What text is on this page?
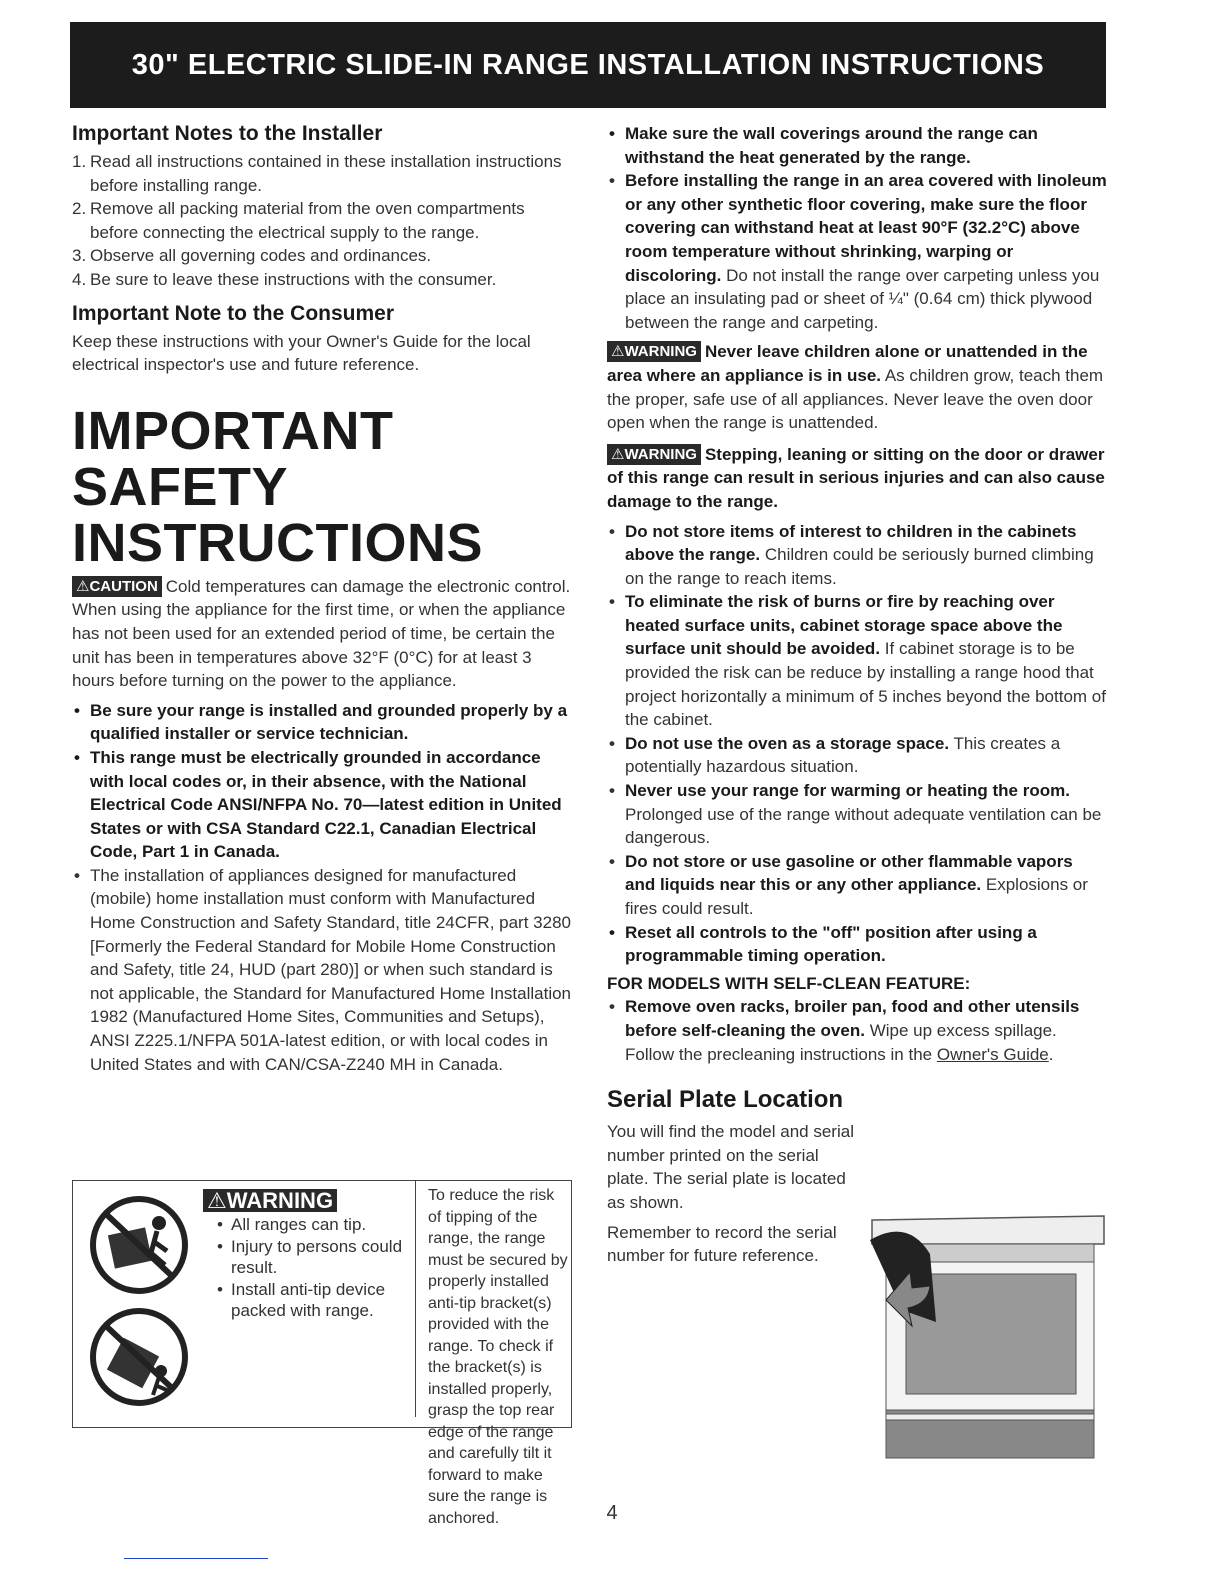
30" ELECTRIC SLIDE-IN RANGE INSTALLATION INSTRUCTIONS
Important Notes to the Installer
1. Read all instructions contained in these installation instructions before installing range.
2. Remove all packing material from the oven compartments before connecting the electrical supply to the range.
3. Observe all governing codes and ordinances.
4. Be sure to leave these instructions with the consumer.
Important Note to the Consumer

Keep these instructions with your Owner's Guide for the local electrical inspector's use and future reference.

IMPORTANT SAFETY
INSTRUCTIONS

⚠CAUTION Cold temperatures can damage the electronic control. When using the appliance for the first time, or when the appliance has not been used for an extended period of time, be certain the unit has been in temperatures above 32°F (0°C) for at least 3 hours before turning on the power to the appliance.

• Be sure your range is installed and grounded properly by a qualified installer or service technician.
• This range must be electrically grounded in accordance with local codes or, in their absence, with the National Electrical Code ANSI/NFPA No. 70—latest edition in United States or with CSA Standard C22.1, Canadian Electrical Code, Part 1 in Canada.
• The installation of appliances designed for manufactured (mobile) home installation must conform with Manufactured Home Construction and Safety Standard, title 24CFR, part 3280 [Formerly the Federal Standard for Mobile Home Construction and Safety, title 24, HUD (part 280)] or when such standard is not applicable, the Standard for Manufactured Home Installation 1982 (Manufactured Home Sites, Communities and Setups), ANSI Z225.1/NFPA 501A-latest edition, or with local codes in United States and with CAN/CSA-Z240 MH in Canada.
⚠WARNING
• All ranges can tip.
• Injury to persons could result.
• Install anti-tip device packed with range.

To reduce the risk of tipping of the range, the range must be secured by properly installed anti-tip bracket(s) provided with the range. To check if the bracket(s) is installed properly, grasp the top rear edge of the range and carefully tilt it forward to make sure the range is anchored.

• Make sure the wall coverings around the range can withstand the heat generated by the range.
• Before installing the range in an area covered with linoleum or any other synthetic floor covering, make sure the floor covering can withstand heat at least 90°F (32.2°C) above room temperature without shrinking, warping or discoloring. Do not install the range over carpeting unless you place an insulating pad or sheet of ¼" (0.64 cm) thick plywood between the range and carpeting.

⚠WARNING Never leave children alone or unattended in the area where an appliance is in use. As children grow, teach them the proper, safe use of all appliances. Never leave the oven door open when the range is unattended.

⚠WARNING Stepping, leaning or sitting on the door or drawer of this range can result in serious injuries and can also cause damage to the range.

• Do not store items of interest to children in the cabinets above the range. Children could be seriously burned climbing on the range to reach items.
• To eliminate the risk of burns or fire by reaching over heated surface units, cabinet storage space above the surface unit should be avoided. If cabinet storage is to be provided the risk can be reduce by installing a range hood that project horizontally a minimum of 5 inches beyond the bottom of the cabinet.
• Do not use the oven as a storage space. This creates a potentially hazardous situation.
• Never use your range for warming or heating the room. Prolonged use of the range without adequate ventilation can be dangerous.
• Do not store or use gasoline or other flammable vapors and liquids near this or any other appliance. Explosions or fires could result.
• Reset all controls to the "off" position after using a programmable timing operation.

FOR MODELS WITH SELF-CLEAN FEATURE:

• Remove oven racks, broiler pan, food and other utensils before self-cleaning the oven. Wipe up excess spillage. Follow the precleaning instructions in the Owner's Guide.
Serial Plate Location

You will find the model and serial number printed on the serial plate. The serial plate is located as shown.

Remember to record the serial number for future reference.

4
